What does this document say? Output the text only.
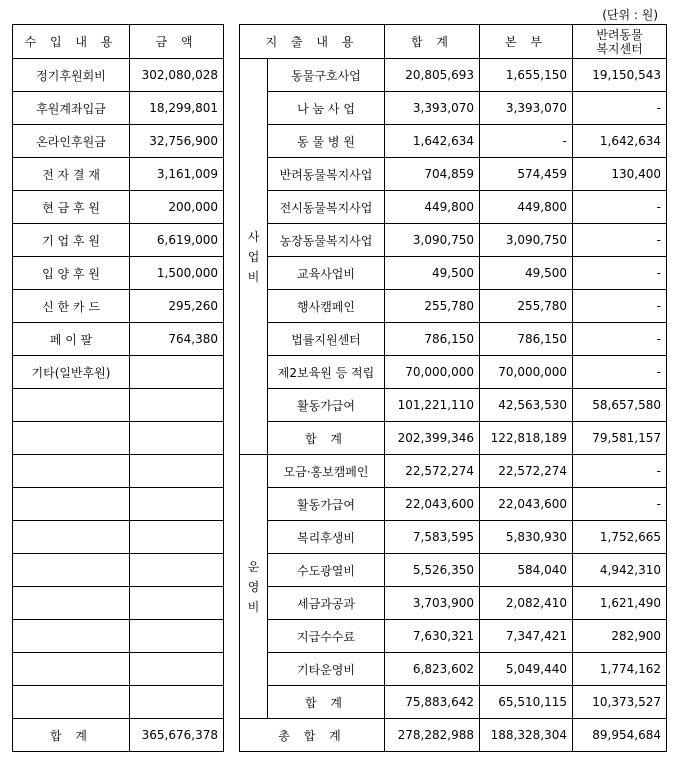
(단위 : 원)
수 입 내 용	금 액
정기후원회비	302,080,028
후원계좌입금	18,299,801
온라인후원금	32,756,900
전 자 결 재	3,161,009
현 금 후 원	200,000
기 업 후 원	6,619,000
입 양 후 원	1,500,000
신 한 카 드	295,260
페 이 팔	764,380
기타(일반후원)	

합 계	365,676,378
지 출 내 용		합 계	본 부	반려동물
복지센터

사
업
비	동물구호사업	20,805,693	1,655,150	19,150,543
	나 눔 사 업	3,393,070	3,393,070	-
	동 물 병 원	1,642,634	-	1,642,634
	반려동물복지사업	704,859	574,459	130,400
	전시동물복지사업	449,800	449,800	-
	농장동물복지사업	3,090,750	3,090,750	-
	교육사업비	49,500	49,500	-
	행사캠페인	255,780	255,780	-
	법률지원센터	786,150	786,150	-
	제2보육원 등 적립	70,000,000	70,000,000	-
	활동가급여	101,221,110	42,563,530	58,657,580
	합 계	202,399,346	122,818,189	79,581,157

운
영
비	모금·홍보캠페인	22,572,274	22,572,274	-
	활동가급여	22,043,600	22,043,600	-
	복리후생비	7,583,595	5,830,930	1,752,665
	수도광열비	5,526,350	584,040	4,942,310
	세금과공과	3,703,900	2,082,410	1,621,490
	지급수수료	7,630,321	7,347,421	282,900
	기타운영비	6,823,602	5,049,440	1,774,162
	합 계	75,883,642	65,510,115	10,373,527
총 합 계		278,282,988	188,328,304	89,954,684
